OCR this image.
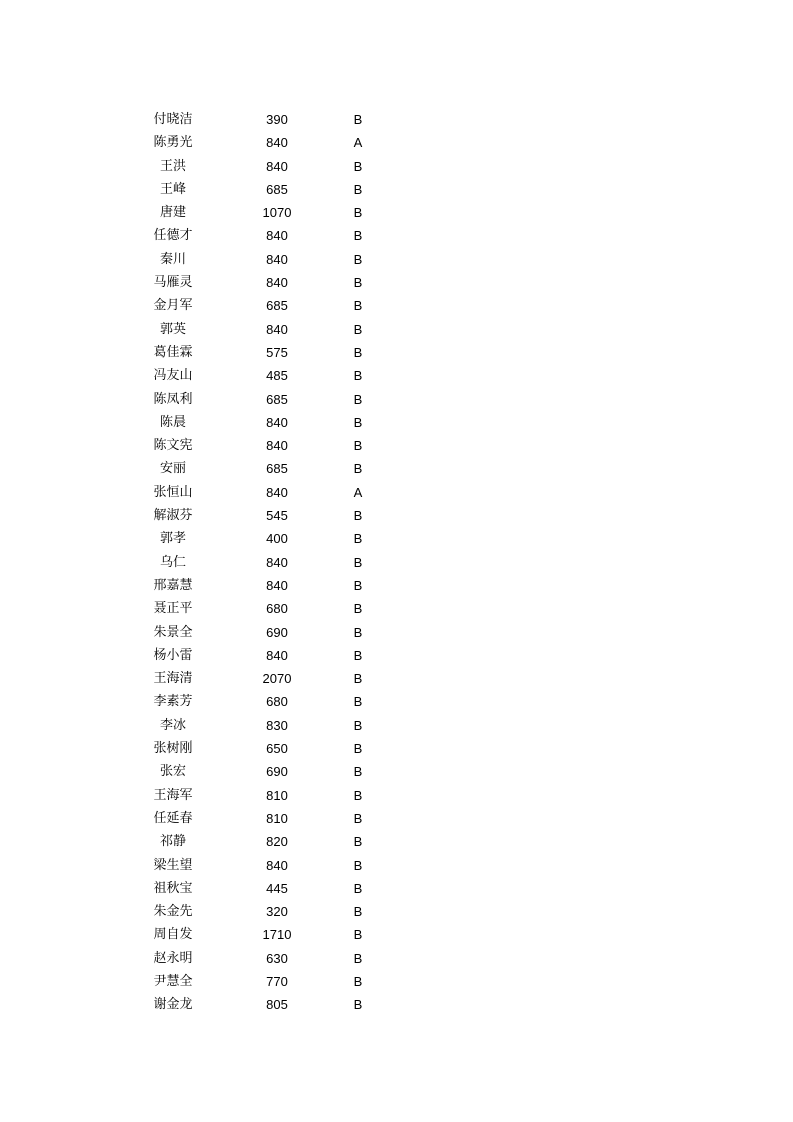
付晓洁	390	B
陈勇光	840	A
王洪	840	B
王峰	685	B
唐建	1070	B
任德才	840	B
秦川	840	B
马雁灵	840	B
金月军	685	B
郭英	840	B
葛佳霖	575	B
冯友山	485	B
陈凤利	685	B
陈晨	840	B
陈文宪	840	B
安丽	685	B
张恒山	840	A
解淑芬	545	B
郭孝	400	B
乌仁	840	B
邢嘉慧	840	B
聂正平	680	B
朱景全	690	B
杨小雷	840	B
王海清	2070	B
李素芳	680	B
李冰	830	B
张树刚	650	B
张宏	690	B
王海军	810	B
任延春	810	B
祁静	820	B
梁生望	840	B
祖秋宝	445	B
朱金先	320	B
周自发	1710	B
赵永明	630	B
尹慧全	770	B
谢金龙	805	B
